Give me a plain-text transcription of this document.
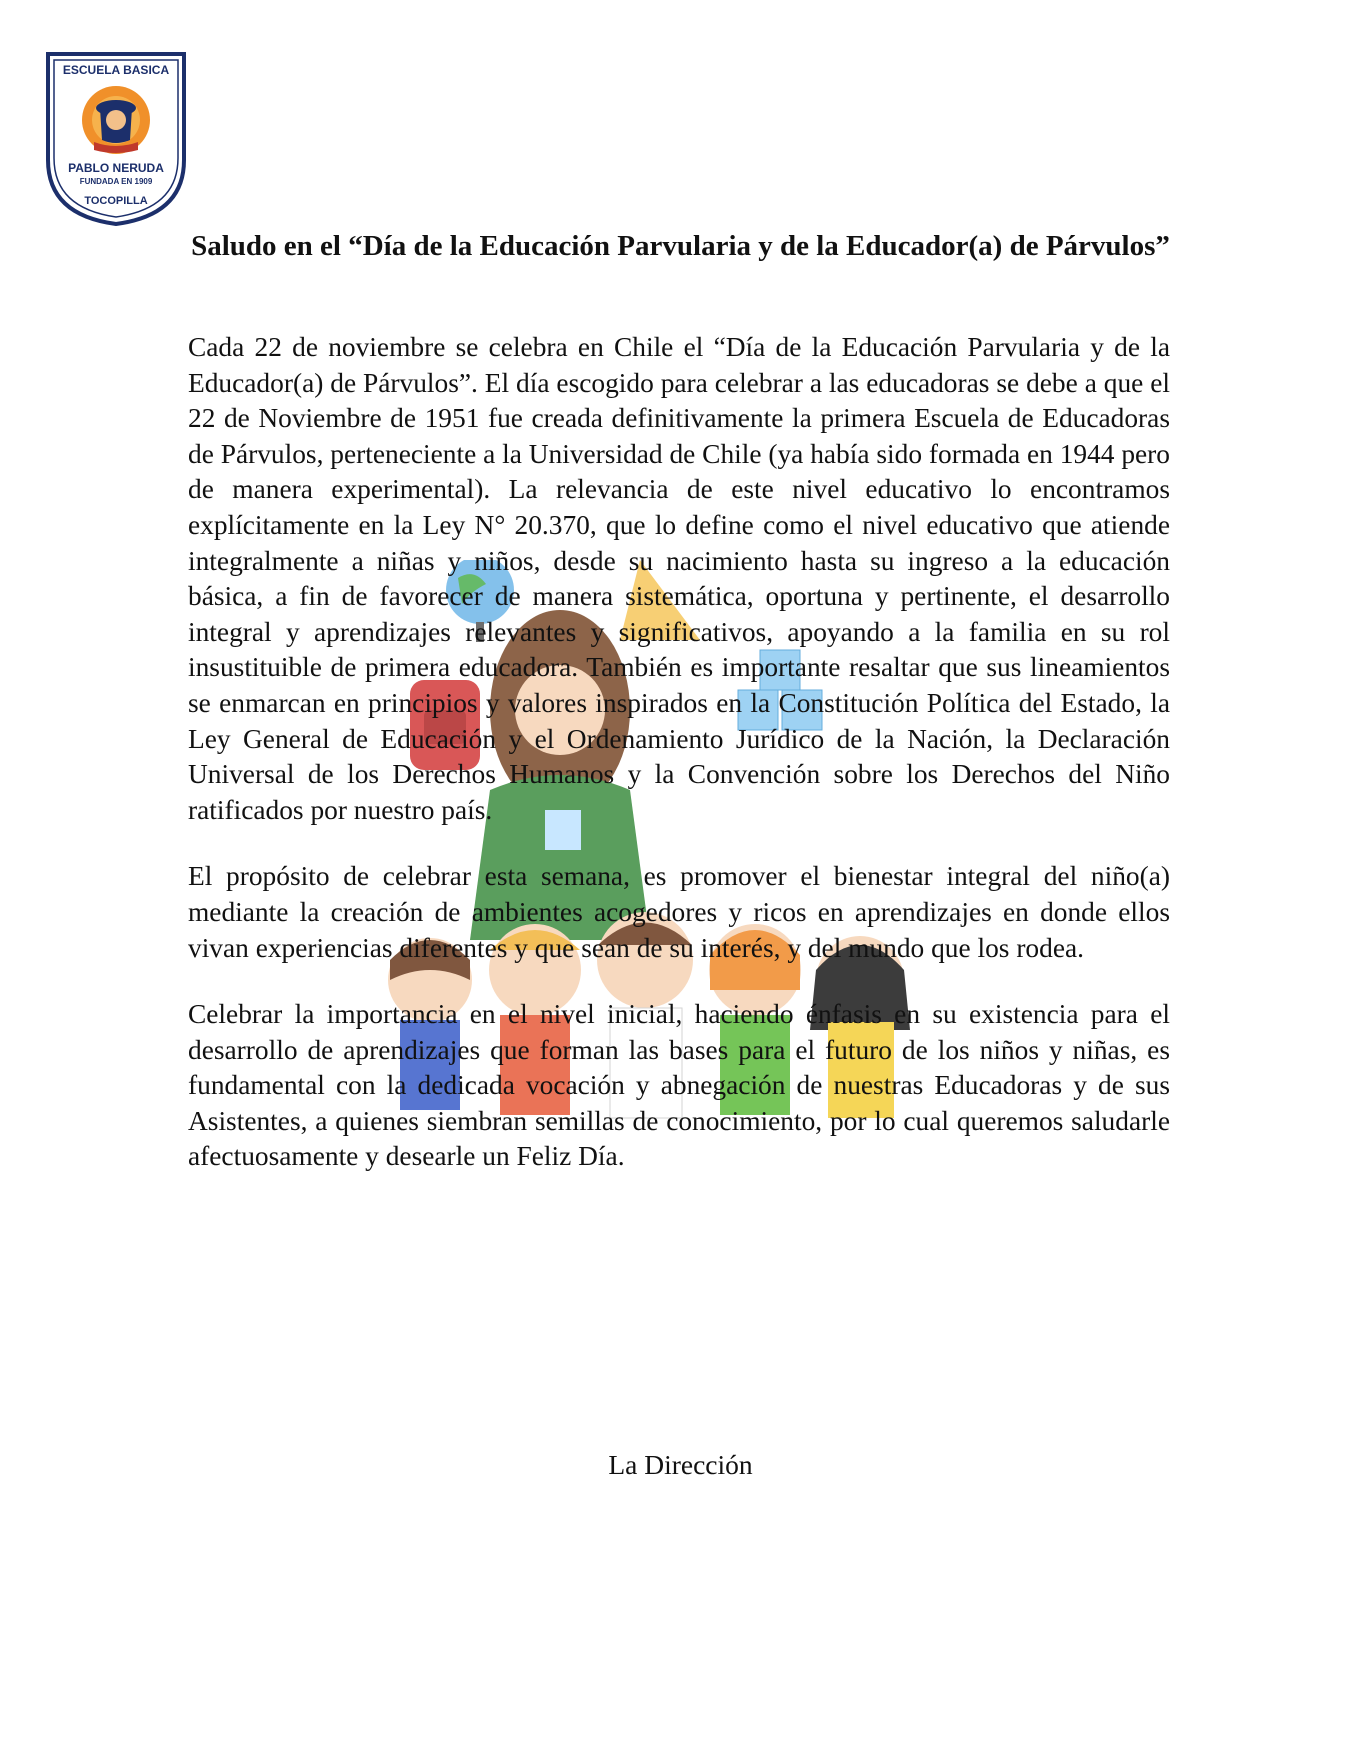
ESCUELA BASICA
PABLO NERUDA
FUNDADA EN 1909
TOCOPILLA
Saludo en el “Día de la Educación Parvularia y de la Educador(a) de Párvulos”

Cada 22 de noviembre se celebra en Chile el “Día de la Educación Parvularia y de la Educador(a) de Párvulos”. El día escogido para celebrar a las educadoras se debe a que el 22 de Noviembre de 1951 fue creada definitivamente la primera Escuela de Educadoras de Párvulos, perteneciente a la Universidad de Chile (ya había sido formada en 1944 pero de manera experimental). La relevancia de este nivel educativo lo encontramos explícitamente en la Ley N° 20.370, que lo define como el nivel educativo que atiende integralmente a niñas y niños, desde su nacimiento hasta su ingreso a la educación básica, a fin de favorecer de manera sistemática, oportuna y pertinente, el desarrollo integral y aprendizajes relevantes y significativos, apoyando a la familia en su rol insustituible de primera educadora. También es importante resaltar que sus lineamientos se enmarcan en principios y valores inspirados en la Constitución Política del Estado, la Ley General de Educación y el Ordenamiento Jurídico de la Nación, la Declaración Universal de los Derechos Humanos y la Convención sobre los Derechos del Niño ratificados por nuestro país.

El propósito de celebrar esta semana, es promover el bienestar integral del niño(a) mediante la creación de ambientes acogedores y ricos en aprendizajes en donde ellos vivan experiencias diferentes y que sean de su interés, y del mundo que los rodea.

Celebrar la importancia en el nivel inicial, haciendo énfasis en su existencia para el desarrollo de aprendizajes que forman las bases para el futuro de los niños y niñas, es fundamental con la dedicada vocación y abnegación de nuestras Educadoras y de sus Asistentes, a quienes siembran semillas de conocimiento, por lo cual queremos saludarle afectuosamente y desearle un Feliz Día.

La Dirección
